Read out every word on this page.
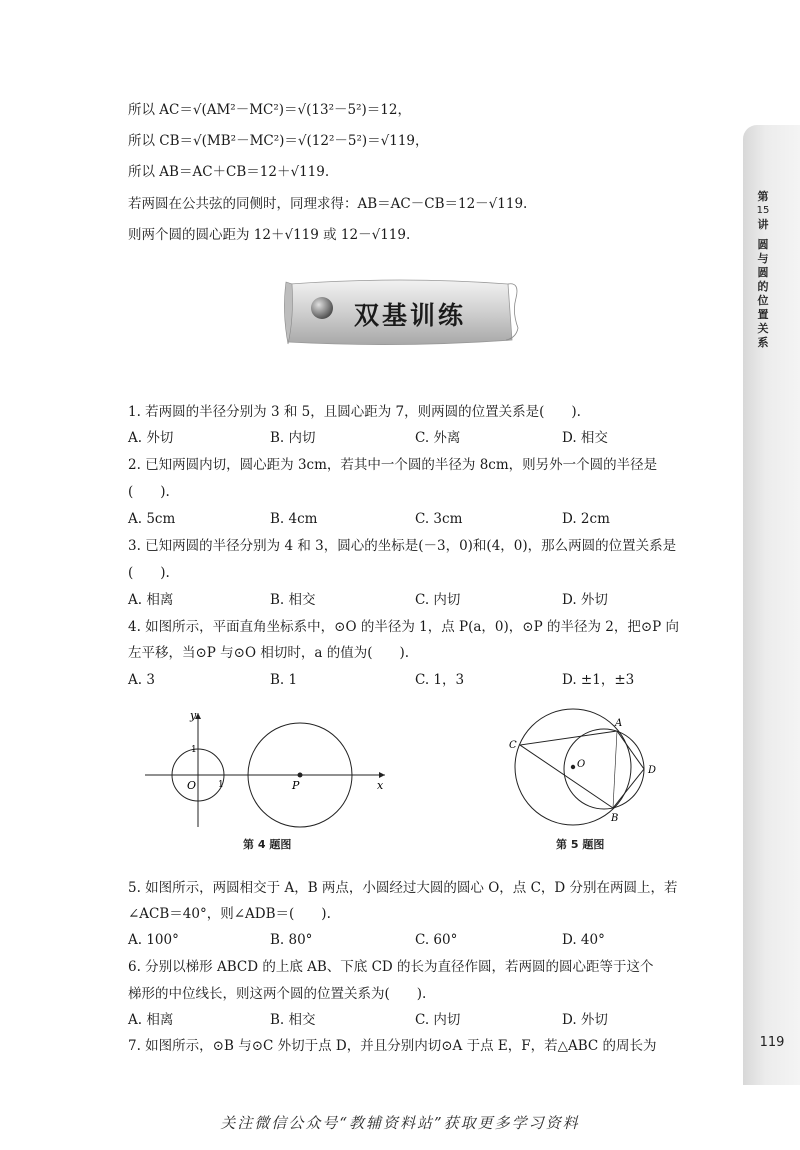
第
15
讲
圆
与
圆
的
位
置
关
系
所以 AC＝√(AM²－MC²)＝√(13²－5²)＝12，
所以 CB＝√(MB²－MC²)＝√(12²－5²)＝√119，
所以 AB＝AC＋CB＝12＋√119.
若两圆在公共弦的同侧时，同理求得：AB＝AC－CB＝12－√119.
则两个圆的圆心距为 12＋√119 或 12－√119.
双基训练
1. 若两圆的半径分别为 3 和 5，且圆心距为 7，则两圆的位置关系是(　　).
A. 外切	B. 内切	C. 外离	D. 相交
2. 已知两圆内切，圆心距为 3cm，若其中一个圆的半径为 8cm，则另外一个圆的半径是
(　　).
A. 5cm	B. 4cm	C. 3cm	D. 2cm
3. 已知两圆的半径分别为 4 和 3，圆心的坐标是(－3，0)和(4，0)，那么两圆的位置关系是
(　　).
A. 相离	B. 相交	C. 内切	D. 外切
4. 如图所示，平面直角坐标系中，⊙O 的半径为 1，点 P(a，0)，⊙P 的半径为 2，把⊙P 向
左平移，当⊙P 与⊙O 相切时，a 的值为(　　).
A. 3	B. 1	C. 1，3	D. ±1，±3
y
x
O	P
1
1
第 4 题图
A
B
C
D
O
第 5 题图
5. 如图所示，两圆相交于 A，B 两点，小圆经过大圆的圆心 O，点 C，D 分别在两圆上，若
∠ACB＝40°，则∠ADB＝(　　).
A. 100°	B. 80°	C. 60°	D. 40°
6. 分别以梯形 ABCD 的上底 AB、下底 CD 的长为直径作圆，若两圆的圆心距等于这个
梯形的中位线长，则这两个圆的位置关系为(　　).
A. 相离	B. 相交	C. 内切	D. 外切
7. 如图所示，⊙B 与⊙C 外切于点 D，并且分别内切⊙A 于点 E，F，若△ABC 的周长为	119
关注微信公众号“教辅资料站”获取更多学习资料
